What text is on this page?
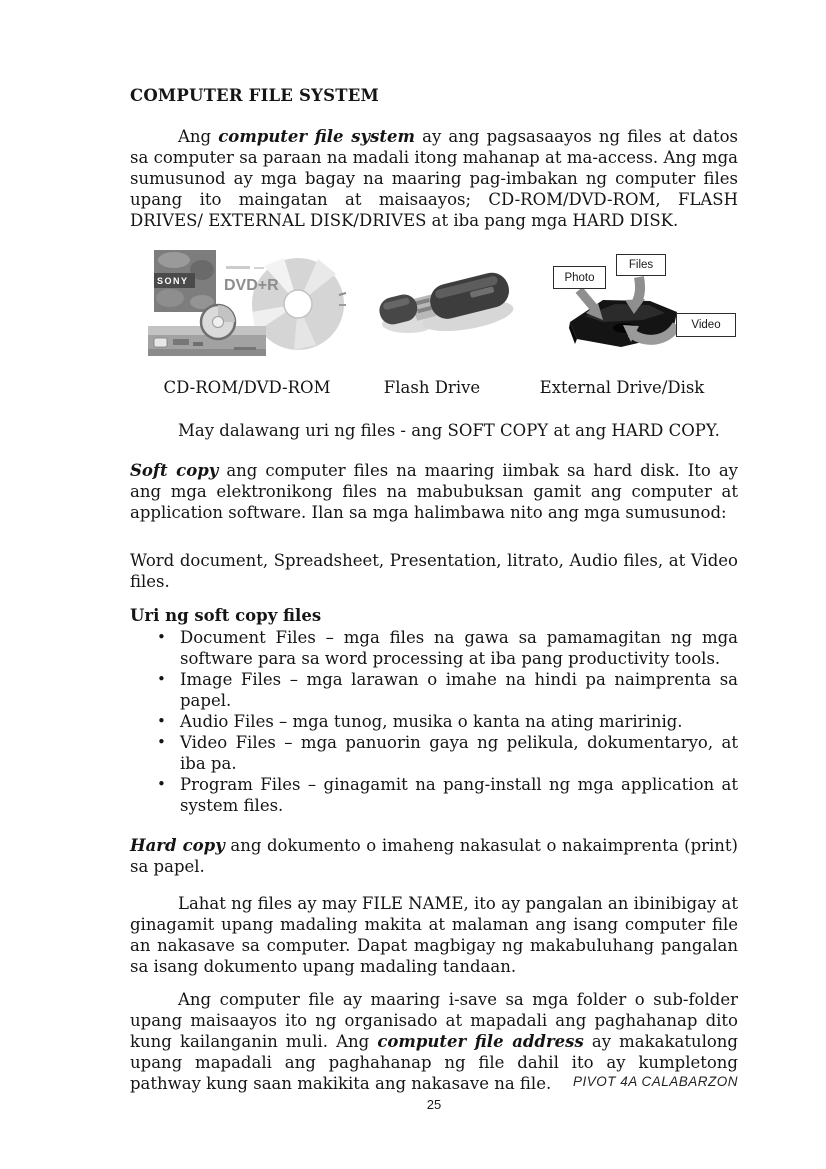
COMPUTER FILE SYSTEM

Ang computer file system ay ang pagsasaayos ng files at datos sa computer sa paraan na madali itong mahanap at ma-access. Ang mga sumusunod ay mga bagay na maaring pag-imbakan ng computer files upang ito maingatan at maisaayos; CD-ROM/DVD-ROM, FLASH DRIVES/ EXTERNAL DISK/DRIVES at iba pang mga HARD DISK.

SONY DVD+R	Photo
Files
Video
CD-ROM/DVD-ROM	Flash Drive	External Drive/Disk

May dalawang uri ng files - ang SOFT COPY at ang HARD COPY.

Soft copy ang computer files na maaring iimbak sa hard disk. Ito ay ang mga elektronikong files na mabubuksan gamit ang computer at application software. Ilan sa mga halimbawa nito ang mga sumusunod:

Word document, Spreadsheet, Presentation, litrato, Audio files, at Video files.

Uri ng soft copy files
• Document Files – mga files na gawa sa pamamagitan ng mga software para sa word processing at iba pang productivity tools.
• Image Files – mga larawan o imahe na hindi pa naimprenta sa papel.
• Audio Files – mga tunog, musika o kanta na ating maririnig.
• Video Files – mga panuorin gaya ng pelikula, dokumentaryo, at iba pa.
• Program Files – ginagamit na pang-install ng mga application at system files.

Hard copy ang dokumento o imaheng nakasulat o nakaimprenta (print) sa papel.

Lahat ng files ay may FILE NAME, ito ay pangalan an ibinibigay at ginagamit upang madaling makita at malaman ang isang computer file an nakasave sa computer. Dapat magbigay ng makabuluhang pangalan sa isang dokumento upang madaling tandaan.

Ang computer file ay maaring i-save sa mga folder o sub-folder upang maisaayos ito ng organisado at mapadali ang paghahanap dito kung kailanganin muli. Ang computer file address ay makakatulong upang mapadali ang paghahanap ng file dahil ito ay kumpletong pathway kung saan makikita ang nakasave na file.	PIVOT 4A CALABARZON
25
